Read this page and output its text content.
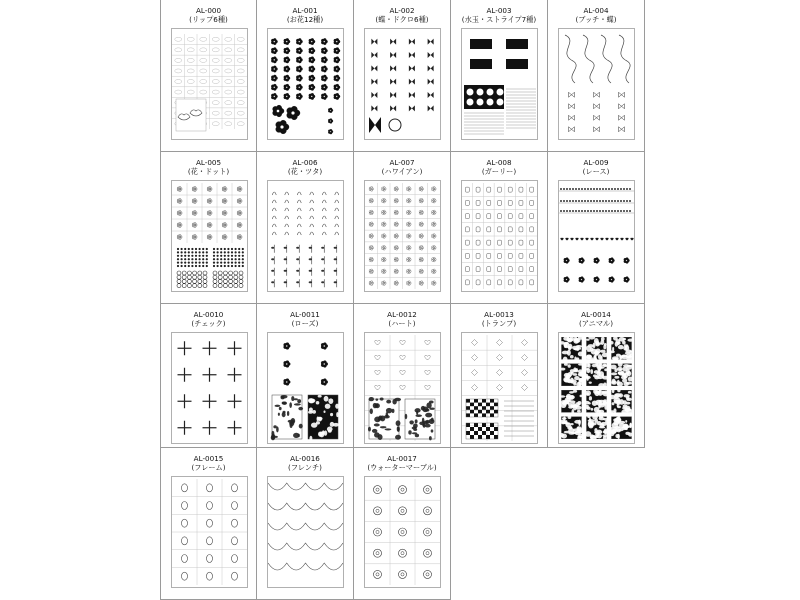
AL-000
(リップ6種)
AL-001
(お花12種)
AL-002
(蝶・ドクロ6種)
AL-003
(水玉・ストライプ7種)
AL-004
(ブッチ・蝶)
AL-005
(花・ドット)
AL-006
(花・ツタ)
AL-007
(ハワイアン)
AL-008
(ガーリー)
AL-009
(レース)
AL-0010
(チェック)
AL-0011
(ローズ)
AL-0012
(ハート)
AL-0013
(トランプ)
AL-0014
(アニマル)
AL-0015
(フレーム)
AL-0016
(フレンチ)
AL-0017
(ウォーターマーブル)
